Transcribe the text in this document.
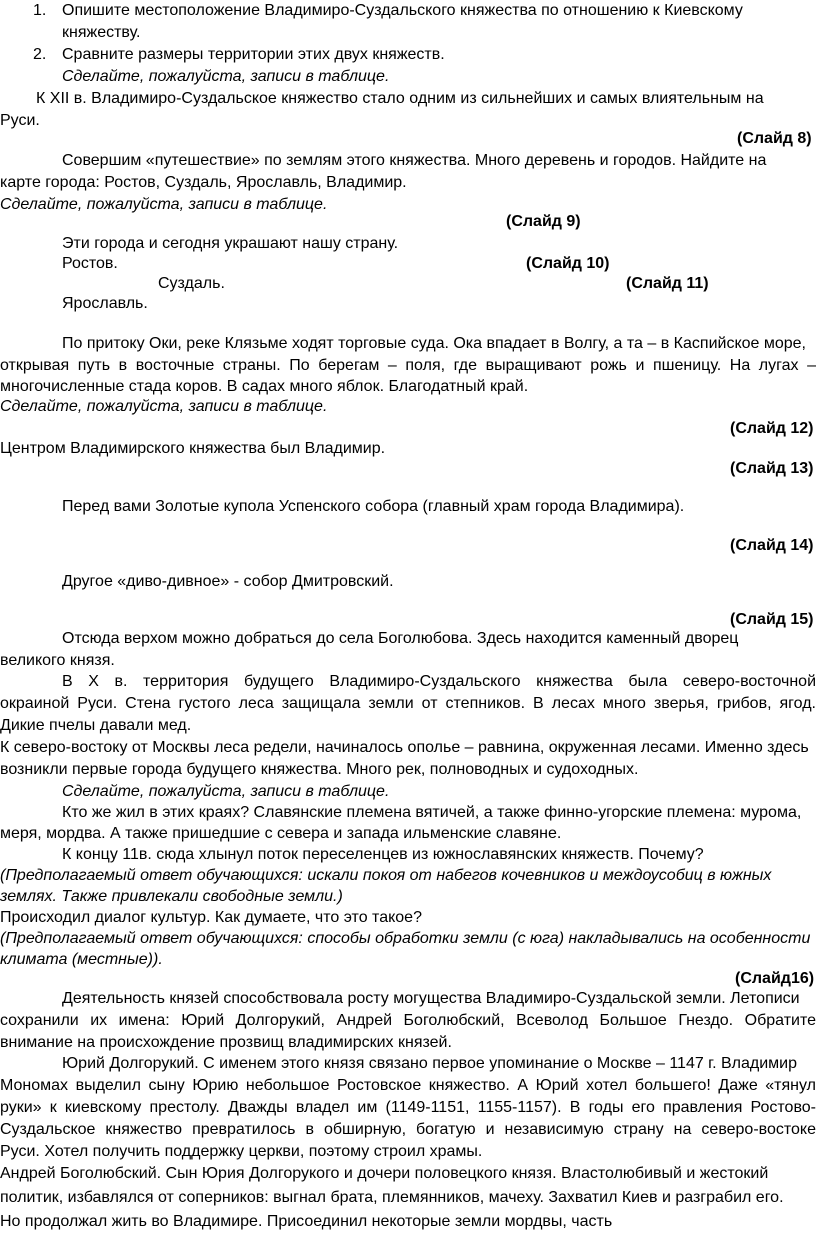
1. Опишите местоположение Владимиро-Суздальского княжества по отношению к Киевскому
княжеству.
2. Сравните размеры территории этих двух княжеств.
Сделайте, пожалуйста, записи в таблице.
К XII в. Владимиро-Суздальское княжество стало одним из сильнейших и самых влиятельным на
Руси.
(Слайд 8)
Совершим «путешествие» по землям этого княжества. Много деревень и городов. Найдите на
карте города: Ростов, Суздаль, Ярославль, Владимир.
Сделайте, пожалуйста, записи в таблице.
(Слайд 9)
Эти города и сегодня украшают нашу страну.
Ростов.	(Слайд 10)
Суздаль.	(Слайд 11)
Ярославль.
По притоку Оки, реке Клязьме ходят торговые суда. Ока впадает в Волгу, а та – в Каспийское море,
открывая путь в восточные страны. По берегам – поля, где выращивают рожь и пшеницу. На лугах –
многочисленные стада коров. В садах много яблок. Благодатный край.
Сделайте, пожалуйста, записи в таблице.
(Слайд 12)
Центром Владимирского княжества был Владимир.
(Слайд 13)
Перед вами Золотые купола Успенского собора (главный храм города Владимира).
(Слайд 14)
Другое «диво-дивное» - собор Дмитровский.
(Слайд 15)
Отсюда верхом можно добраться до села Боголюбова. Здесь находится каменный дворец
великого князя.
В X в. территория будущего Владимиро-Суздальского княжества была северо-восточной
окраиной Руси. Стена густого леса защищала земли от степников. В лесах много зверья, грибов, ягод.
Дикие пчелы давали мед.
К северо-востоку от Москвы леса редели, начиналось ополье – равнина, окруженная лесами. Именно здесь
возникли первые города будущего княжества. Много рек, полноводных и судоходных.
Сделайте, пожалуйста, записи в таблице.
Кто же жил в этих краях? Славянские племена вятичей, а также финно-угорские племена: мурома,
меря, мордва. А также пришедшие с севера и запада ильменские славяне.
К концу 11в. сюда хлынул поток переселенцев из южнославянских княжеств. Почему?
(Предполагаемый ответ обучающихся: искали покоя от набегов кочевников и междоусобиц в южных
землях. Также привлекали свободные земли.)
Происходил диалог культур. Как думаете, что это такое?
(Предполагаемый ответ обучающихся: способы обработки земли (с юга) накладывались на особенности
климата (местные)).
(Слайд16)
Деятельность князей способствовала росту могущества Владимиро-Суздальской земли. Летописи
сохранили их имена: Юрий Долгорукий, Андрей Боголюбский, Всеволод Большое Гнездо. Обратите
внимание на происхождение прозвищ владимирских князей.
Юрий Долгорукий. С именем этого князя связано первое упоминание о Москве – 1147 г. Владимир
Мономах выделил сыну Юрию небольшое Ростовское княжество. А Юрий хотел большего! Даже «тянул
руки» к киевскому престолу. Дважды владел им (1149-1151, 1155-1157). В годы его правления Ростово-
Суздальское княжество превратилось в обширную, богатую и независимую страну на северо-востоке
Руси. Хотел получить поддержку церкви, поэтому строил храмы.
Андрей Боголюбский. Сын Юрия Долгорукого и дочери половецкого князя. Властолюбивый и жестокий
политик, избавлялся от соперников: выгнал брата, племянников, мачеху. Захватил Киев и разграбил его.
Но продолжал жить во Владимире. Присоединил некоторые земли мордвы, часть
